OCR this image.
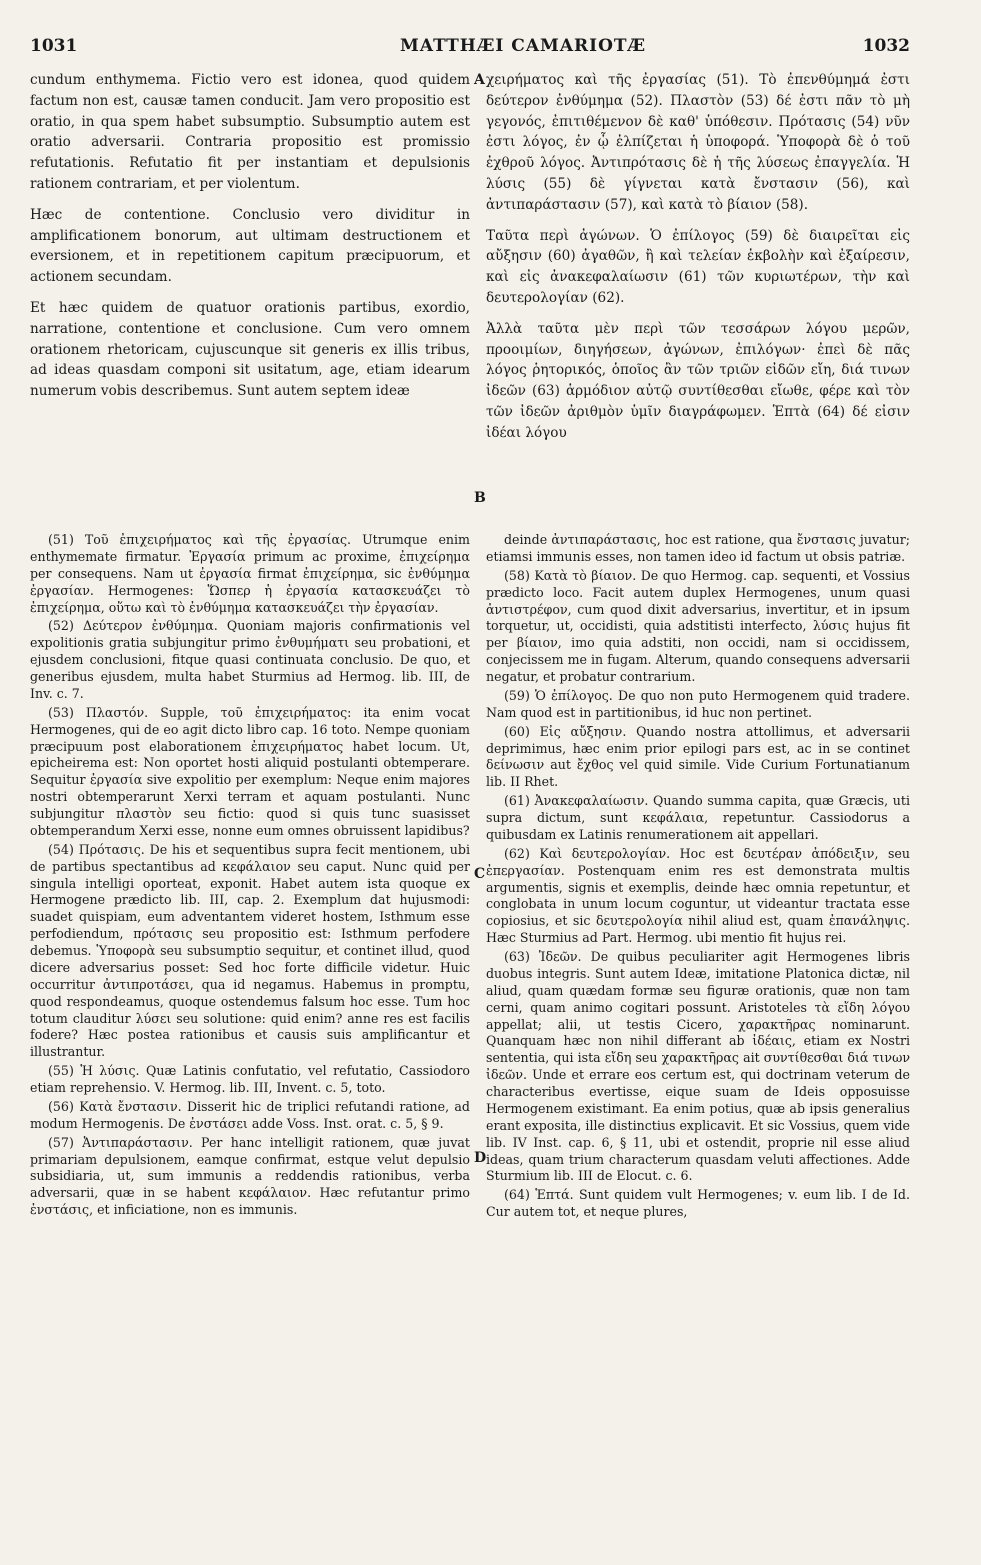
1031	MATTHÆI CAMARIOTÆ	1032
A
B
C
D

cundum enthymema. Fictio vero est idonea, quod quidem factum non est, causæ tamen conducit. Jam vero propositio est oratio, in qua spem habet subsumptio. Subsumptio autem est oratio adversarii. Contraria propositio est promissio refutationis. Refutatio fit per instantiam et depulsionis rationem contrariam, et per violentum.

Hæc de contentione. Conclusio vero dividitur in amplificationem bonorum, aut ultimam destructionem et eversionem, et in repetitionem capitum præcipuorum, et actionem secundam.

Et hæc quidem de quatuor orationis partibus, exordio, narratione, contentione et conclusione. Cum vero omnem orationem rhetoricam, cujuscunque sit generis ex illis tribus, ad ideas quasdam componi sit usitatum, age, etiam idearum numerum vobis describemus. Sunt autem septem ideæ

χειρήματος καὶ τῆς ἐργασίας (51). Τὸ ἐπενθύμημά ἐστι δεύτερον ἐνθύμημα (52). Πλαστὸν (53) δέ ἐστι πᾶν τὸ μὴ γεγονός, ἐπιτιθέμενον δὲ καθ' ὑπόθεσιν. Πρότασις (54) νῦν ἐστι λόγος, ἐν ᾧ ἐλπίζεται ἡ ὑποφορά. Ὑποφορὰ δὲ ὁ τοῦ ἐχθροῦ λόγος. Ἀντιπρότασις δὲ ἡ τῆς λύσεως ἐπαγγελία. Ἡ λύσις (55) δὲ γίγνεται κατὰ ἔνστασιν (56), καὶ ἀντιπαράστασιν (57), καὶ κατὰ τὸ βίαιον (58).

Ταῦτα περὶ ἀγώνων. Ὁ ἐπίλογος (59) δὲ διαιρεῖται εἰς αὔξησιν (60) ἀγαθῶν, ἢ καὶ τελείαν ἐκβολὴν καὶ ἐξαίρεσιν, καὶ εἰς ἀνακεφαλαίωσιν (61) τῶν κυριωτέρων, τὴν καὶ δευτερολογίαν (62).

Ἀλλὰ ταῦτα μὲν περὶ τῶν τεσσάρων λόγου μερῶν, προοιμίων, διηγήσεων, ἀγώνων, ἐπιλόγων· ἐπεὶ δὲ πᾶς λόγος ῥητορικός, ὁποῖος ἂν τῶν τριῶν εἰδῶν εἴη, διά τινων ἰδεῶν (63) ἁρμόδιον αὐτῷ συντίθεσθαι εἴωθε, φέρε καὶ τὸν τῶν ἰδεῶν ἀριθμὸν ὑμῖν διαγράφωμεν. Ἑπτὰ (64) δέ εἰσιν ἰδέαι λόγου

(51) Τοῦ ἐπιχειρήματος καὶ τῆς ἐργασίας. Utrumque enim enthymemate firmatur. Ἐργασία primum ac proxime, ἐπιχείρημα per consequens. Nam ut ἐργασία firmat ἐπιχείρημα, sic ἐνθύμημα ἐργασίαν. Hermogenes: Ὥσπερ ἡ ἐργασία κατασκευάζει τὸ ἐπιχείρημα, οὕτω καὶ τὸ ἐνθύμημα κατασκευάζει τὴν ἐργασίαν.

(52) Δεύτερον ἐνθύμημα. Quoniam majoris confirmationis vel expolitionis gratia subjungitur primo ἐνθυμήματι seu probationi, et ejusdem conclusioni, fitque quasi continuata conclusio. De quo, et generibus ejusdem, multa habet Sturmius ad Hermog. lib. III, de Inv. c. 7.

(53) Πλαστόν. Supple, τοῦ ἐπιχειρήματος: ita enim vocat Hermogenes, qui de eo agit dicto libro cap. 16 toto. Nempe quoniam præcipuum post elaborationem ἐπιχειρήματος habet locum. Ut, epicheirema est: Non oportet hosti aliquid postulanti obtemperare. Sequitur ἐργασία sive expolitio per exemplum: Neque enim majores nostri obtemperarunt Xerxi terram et aquam postulanti. Nunc subjungitur πλαστὸν seu fictio: quod si quis tunc suasisset obtemperandum Xerxi esse, nonne eum omnes obruissent lapidibus?

(54) Πρότασις. De his et sequentibus supra fecit mentionem, ubi de partibus spectantibus ad κεφάλαιον seu caput. Nunc quid per singula intelligi oporteat, exponit. Habet autem ista quoque ex Hermogene prædicto lib. III, cap. 2. Exemplum dat hujusmodi: suadet quispiam, eum adventantem videret hostem, Isthmum esse perfodiendum, πρότασις seu propositio est: Isthmum perfodere debemus. Ὑποφορὰ seu subsumptio sequitur, et continet illud, quod dicere adversarius posset: Sed hoc forte difficile videtur. Huic occurritur ἀντιπροτάσει, qua id negamus. Habemus in promptu, quod respondeamus, quoque ostendemus falsum hoc esse. Tum hoc totum clauditur λύσει seu solutione: quid enim? anne res est facilis fodere? Hæc postea rationibus et causis suis amplificantur et illustrantur.

(55) Ἡ λύσις. Quæ Latinis confutatio, vel refutatio, Cassiodoro etiam reprehensio. V. Hermog. lib. III, Invent. c. 5, toto.

(56) Κατὰ ἔνστασιν. Disserit hic de triplici refutandi ratione, ad modum Hermogenis. De ἐνστάσει adde Voss. Inst. orat. c. 5, § 9.

(57) Ἀντιπαράστασιν. Per hanc intelligit rationem, quæ juvat primariam depulsionem, eamque confirmat, estque velut depulsio subsidiaria, ut, sum immunis a reddendis rationibus, verba adversarii, quæ in se habent κεφάλαιον. Hæc refutantur primo ἐνστάσις, et inficiatione, non es immunis.

deinde ἀντιπαράστασις, hoc est ratione, qua ἔνστασις juvatur; etiamsi immunis esses, non tamen ideo id factum ut obsis patriæ.

(58) Κατὰ τὸ βίαιον. De quo Hermog. cap. sequenti, et Vossius prædicto loco. Facit autem duplex Hermogenes, unum quasi ἀντιστρέφον, cum quod dixit adversarius, invertitur, et in ipsum torquetur, ut, occidisti, quia adstitisti interfecto, λύσις hujus fit per βίαιον, imo quia adstiti, non occidi, nam si occidissem, conjecissem me in fugam. Alterum, quando consequens adversarii negatur, et probatur contrarium.

(59) Ὁ ἐπίλογος. De quo non puto Hermogenem quid tradere. Nam quod est in partitionibus, id huc non pertinet.

(60) Εἰς αὔξησιν. Quando nostra attollimus, et adversarii deprimimus, hæc enim prior epilogi pars est, ac in se continet δείνωσιν aut ἔχθος vel quid simile. Vide Curium Fortunatianum lib. II Rhet.

(61) Ἀνακεφαλαίωσιν. Quando summa capita, quæ Græcis, uti supra dictum, sunt κεφάλαια, repetuntur. Cassiodorus a quibusdam ex Latinis renumerationem ait appellari.

(62) Καὶ δευτερολογίαν. Hoc est δευτέραν ἀπόδειξιν, seu ἐπεργασίαν. Postenquam enim res est demonstrata multis argumentis, signis et exemplis, deinde hæc omnia repetuntur, et conglobata in unum locum coguntur, ut videantur tractata esse copiosius, et sic δευτερολογία nihil aliud est, quam ἐπανάληψις. Hæc Sturmius ad Part. Hermog. ubi mentio fit hujus rei.

(63) Ἰδεῶν. De quibus peculiariter agit Hermogenes libris duobus integris. Sunt autem Ideæ, imitatione Platonica dictæ, nil aliud, quam quædam formæ seu figuræ orationis, quæ non tam cerni, quam animo cogitari possunt. Aristoteles τὰ εἴδη λόγου appellat; alii, ut testis Cicero, χαρακτῆρας nominarunt. Quanquam hæc non nihil differant ab ἰδέαις, etiam ex Nostri sententia, qui ista εἴδη seu χαρακτῆρας ait συντίθεσθαι διά τινων ἰδεῶν. Unde et errare eos certum est, qui doctrinam veterum de characteribus evertisse, eique suam de Ideis opposuisse Hermogenem existimant. Ea enim potius, quæ ab ipsis generalius erant exposita, ille distinctius explicavit. Et sic Vossius, quem vide lib. IV Inst. cap. 6, § 11, ubi et ostendit, proprie nil esse aliud ideas, quam trium characterum quasdam veluti affectiones. Adde Sturmium lib. III de Elocut. c. 6.

(64) Ἑπτά. Sunt quidem vult Hermogenes; v. eum lib. I de Id. Cur autem tot, et neque plures,
